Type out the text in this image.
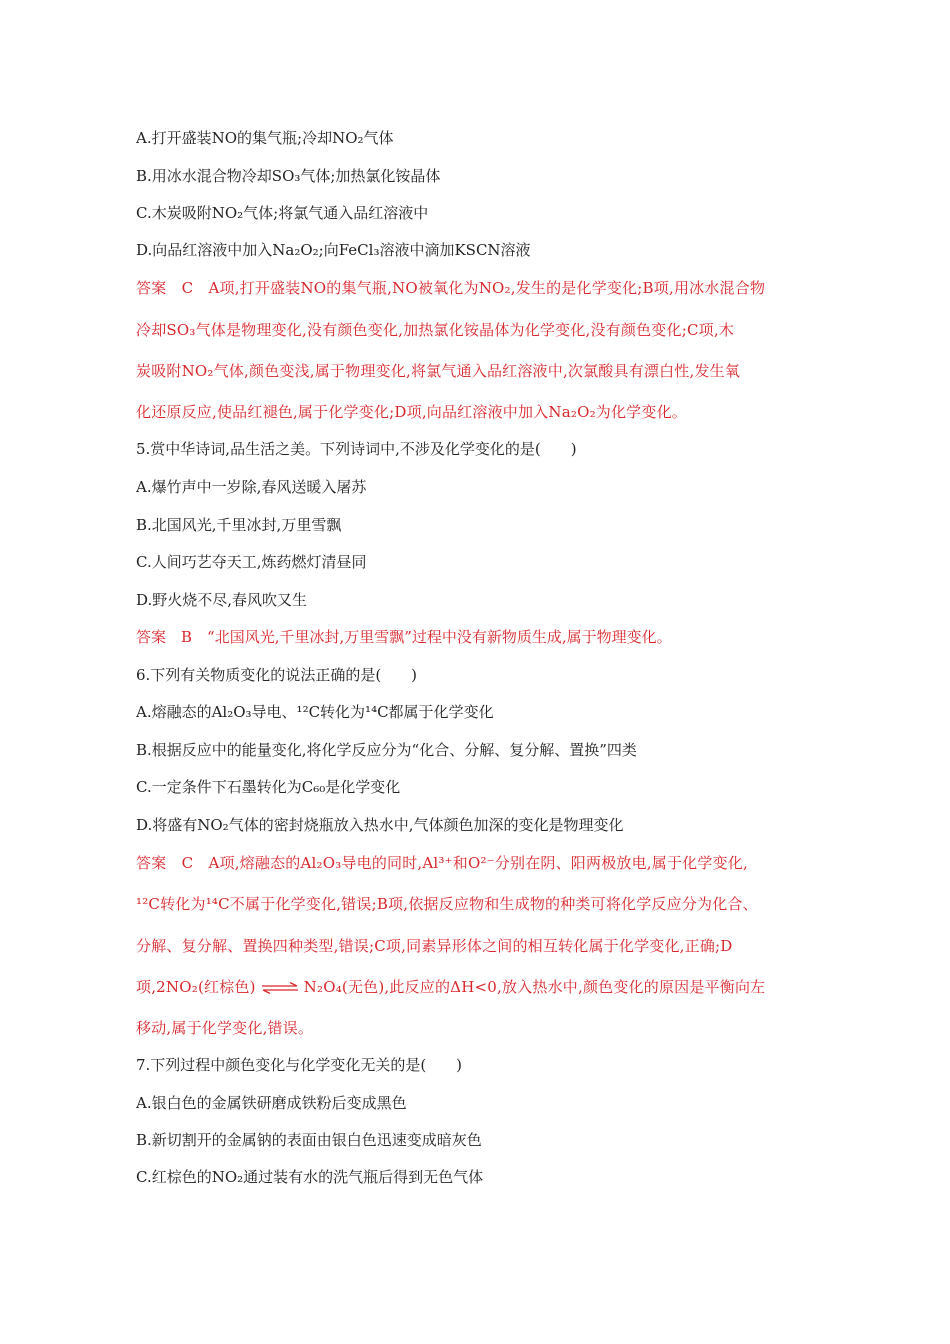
A.打开盛装NO的集气瓶;冷却NO₂气体
B.用冰水混合物冷却SO₃气体;加热氯化铵晶体
C.木炭吸附NO₂气体;将氯气通入品红溶液中
D.向品红溶液中加入Na₂O₂;向FeCl₃溶液中滴加KSCN溶液
答案　C　A项,打开盛装NO的集气瓶,NO被氧化为NO₂,发生的是化学变化;B项,用冰水混合物
冷却SO₃气体是物理变化,没有颜色变化,加热氯化铵晶体为化学变化,没有颜色变化;C项,木
炭吸附NO₂气体,颜色变浅,属于物理变化,将氯气通入品红溶液中,次氯酸具有漂白性,发生氧
化还原反应,使品红褪色,属于化学变化;D项,向品红溶液中加入Na₂O₂为化学变化。
5.赏中华诗词,品生活之美。下列诗词中,不涉及化学变化的是(　　)
A.爆竹声中一岁除,春风送暖入屠苏
B.北国风光,千里冰封,万里雪飘
C.人间巧艺夺天工,炼药燃灯清昼同
D.野火烧不尽,春风吹又生
答案　B　“北国风光,千里冰封,万里雪飘”过程中没有新物质生成,属于物理变化。
6.下列有关物质变化的说法正确的是(　　)
A.熔融态的Al₂O₃导电、¹²C转化为¹⁴C都属于化学变化
B.根据反应中的能量变化,将化学反应分为“化合、分解、复分解、置换”四类
C.一定条件下石墨转化为C₆₀是化学变化
D.将盛有NO₂气体的密封烧瓶放入热水中,气体颜色加深的变化是物理变化
答案　C　A项,熔融态的Al₂O₃导电的同时,Al³⁺和O²⁻分别在阴、阳两极放电,属于化学变化,
¹²C转化为¹⁴C不属于化学变化,错误;B项,依据反应物和生成物的种类可将化学反应分为化合、
分解、复分解、置换四种类型,错误;C项,同素异形体之间的相互转化属于化学变化,正确;D
项,2NO₂(红棕色) ⇌ N₂O₄(无色),此反应的ΔH<0,放入热水中,颜色变化的原因是平衡向左
移动,属于化学变化,错误。
7.下列过程中颜色变化与化学变化无关的是(　　)
A.银白色的金属铁研磨成铁粉后变成黑色
B.新切割开的金属钠的表面由银白色迅速变成暗灰色
C.红棕色的NO₂通过装有水的洗气瓶后得到无色气体
